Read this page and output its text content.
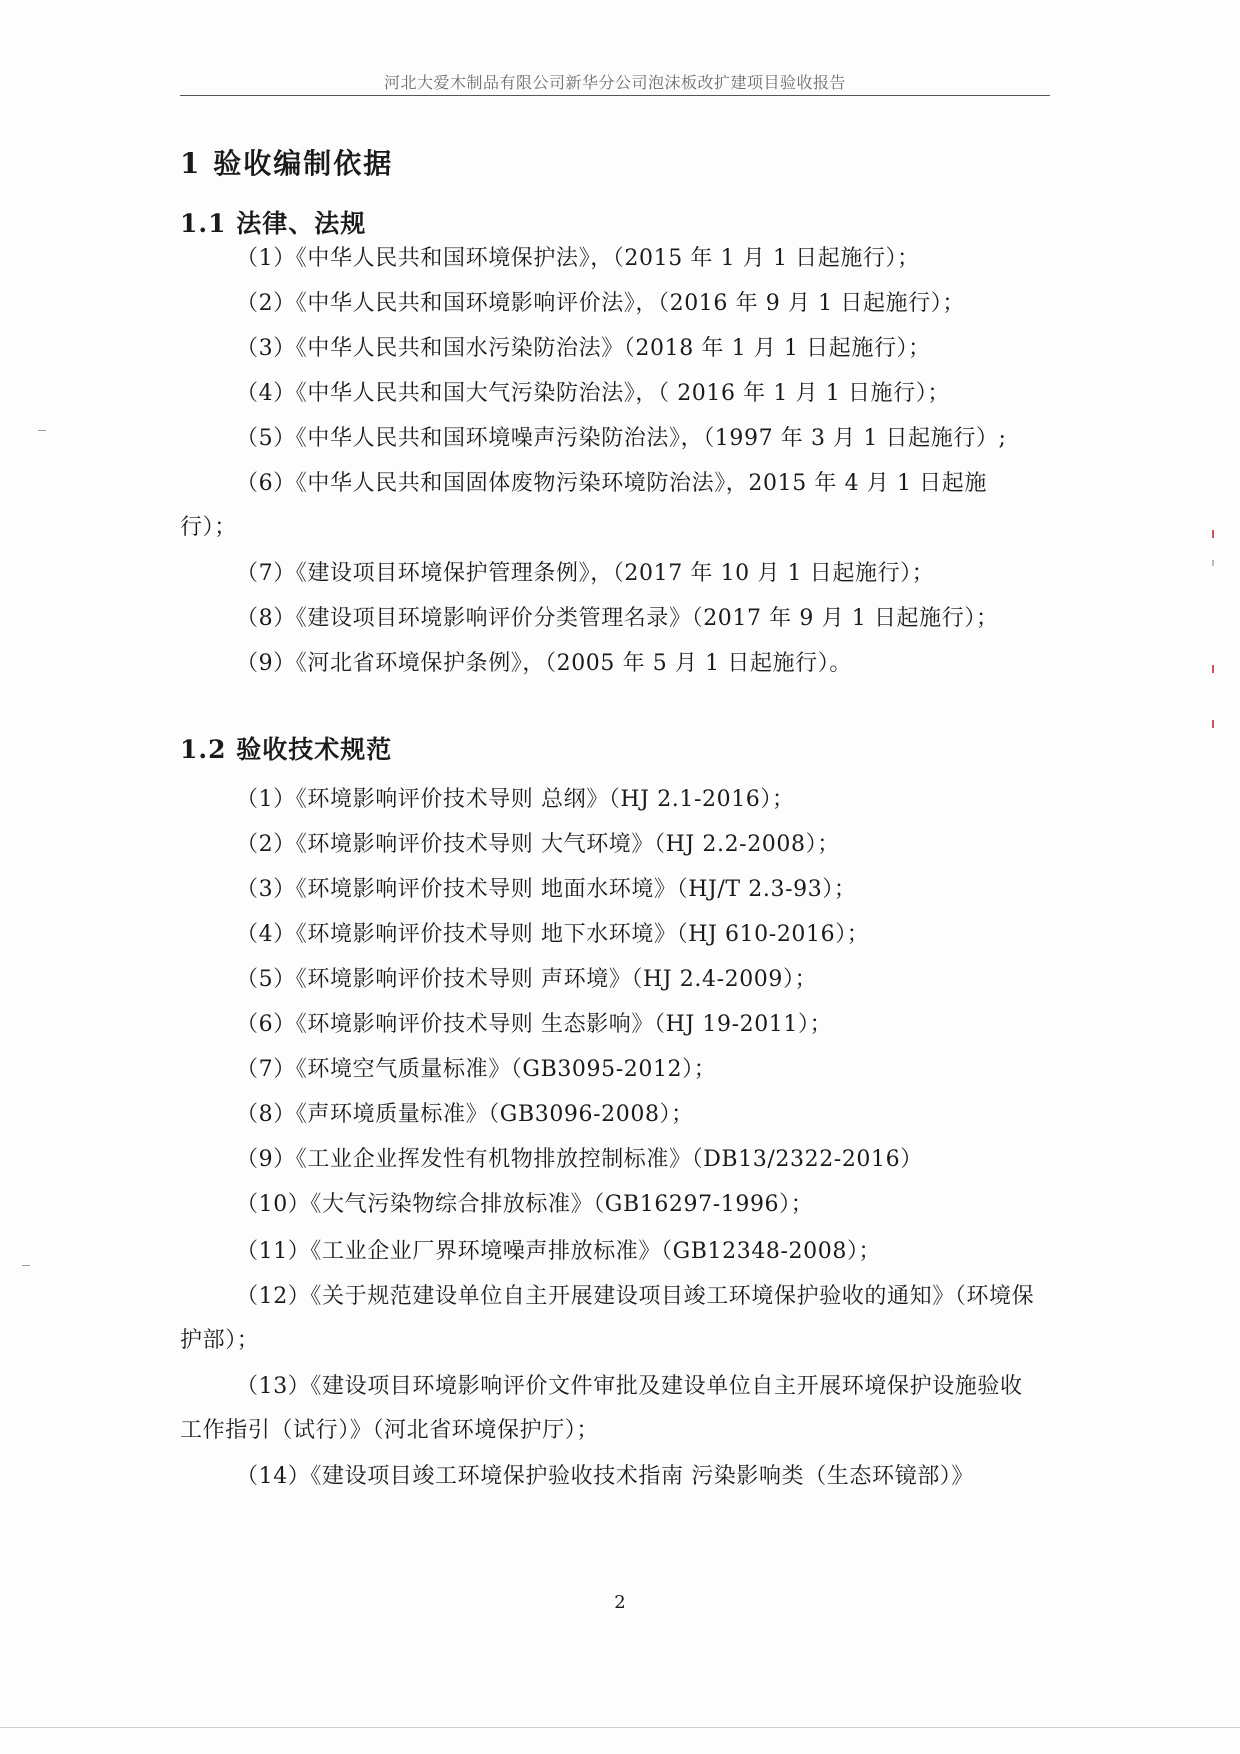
河北大爱木制品有限公司新华分公司泡沫板改扩建项目验收报告
1 验收编制依据
1.1 法律、法规
（1）《中华人民共和国环境保护法》，（2015 年 1 月 1 日起施行）；
（2）《中华人民共和国环境影响评价法》，（2016 年 9 月 1 日起施行）；
（3）《中华人民共和国水污染防治法》（2018 年 1 月 1 日起施行）；
（4）《中华人民共和国大气污染防治法》，（ 2016 年 1 月 1 日施行）；
（5）《中华人民共和国环境噪声污染防治法》，（1997 年 3 月 1 日起施行）;
（6）《中华人民共和国固体废物污染环境防治法》，2015 年 4 月 1 日起施行）；
（7）《建设项目环境保护管理条例》，（2017 年 10 月 1 日起施行）；
（8）《建设项目环境影响评价分类管理名录》（2017 年 9 月 1 日起施行）；
（9）《河北省环境保护条例》，（2005 年 5 月 1 日起施行）。
1.2 验收技术规范
（1）《环境影响评价技术导则 总纲》（HJ 2.1-2016）；
（2）《环境影响评价技术导则 大气环境》（HJ 2.2-2008）；
（3）《环境影响评价技术导则 地面水环境》（HJ/T 2.3-93）；
（4）《环境影响评价技术导则 地下水环境》（HJ 610-2016）；
（5）《环境影响评价技术导则 声环境》（HJ 2.4-2009）；
（6）《环境影响评价技术导则 生态影响》（HJ 19-2011）；
（7）《环境空气质量标准》（GB3095-2012）；
（8）《声环境质量标准》（GB3096-2008）；
（9）《工业企业挥发性有机物排放控制标准》（DB13/2322-2016）
（10）《大气污染物综合排放标准》（GB16297-1996）；
（11）《工业企业厂界环境噪声排放标准》（GB12348-2008）；
（12）《关于规范建设单位自主开展建设项目竣工环境保护验收的通知》（环境保护部）；
（13）《建设项目环境影响评价文件审批及建设单位自主开展环境保护设施验收工作指引（试行）》（河北省环境保护厅）；
（14）《建设项目竣工环境保护验收技术指南 污染影响类（生态环镜部）》
2
